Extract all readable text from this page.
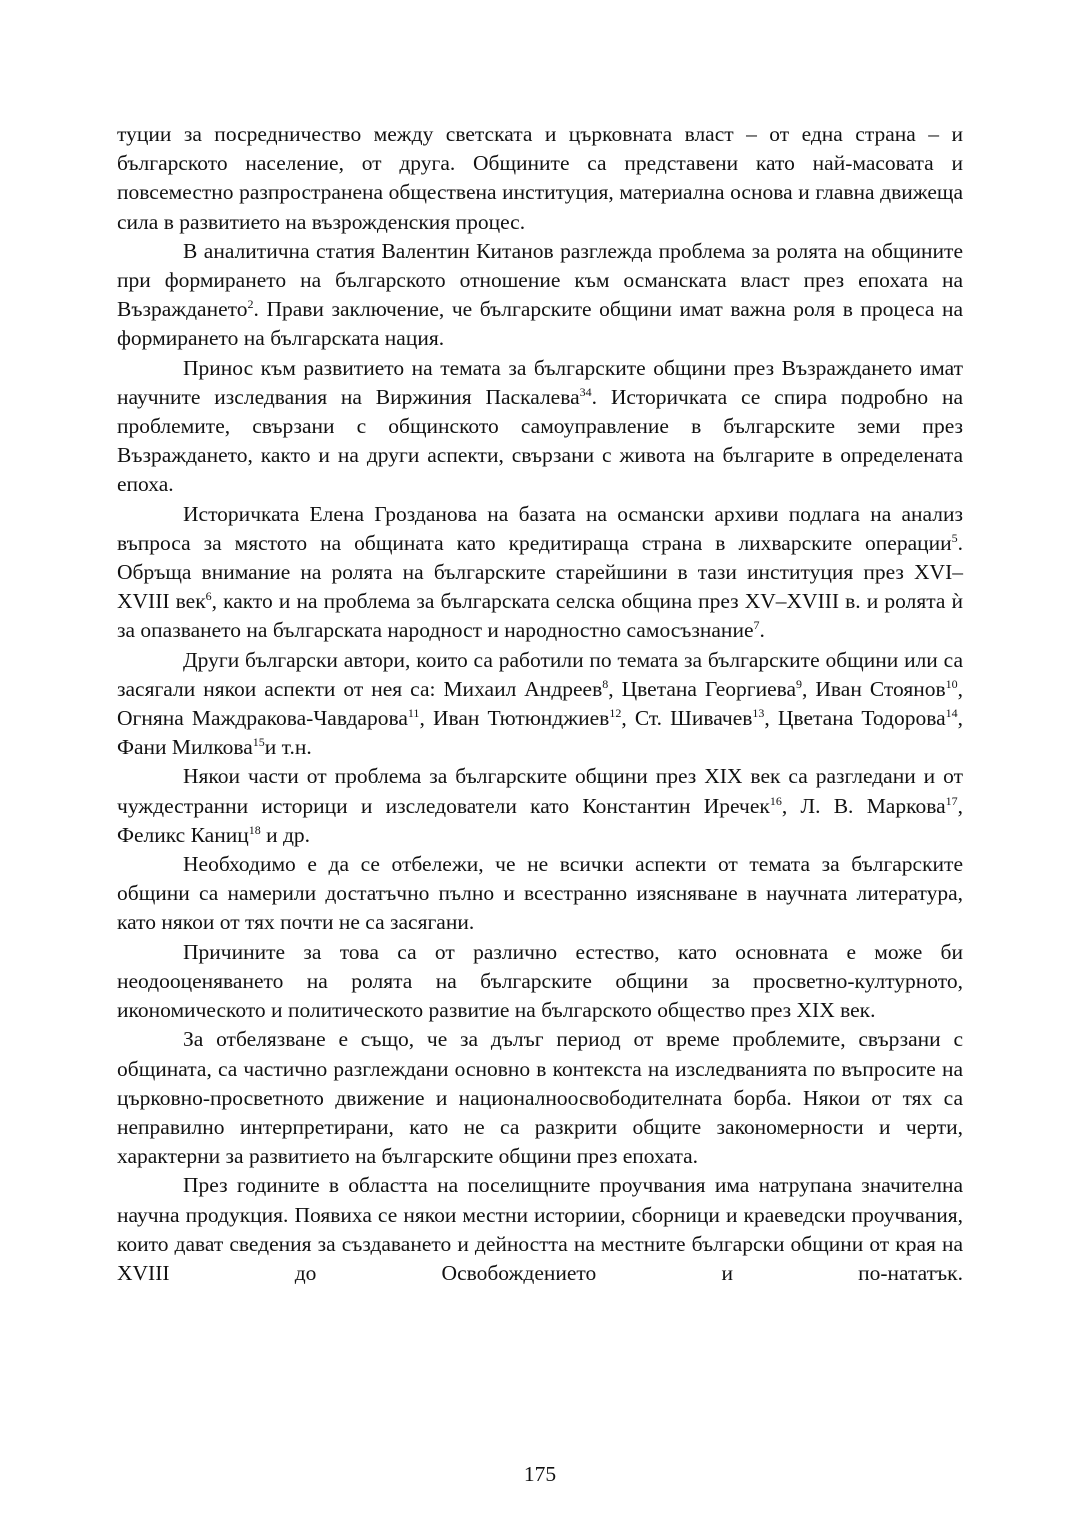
туции за посредничество между светската и църковната власт – от една страна – и българското население, от друга. Общините са представени като най-масовата и повсеместно разпространена обществена институция, материална основа и главна движеща сила в развитието на възрожденския процес.

В аналитична статия Валентин Китанов разглежда проблема за ролята на общините при формирането на българското отношение към османската власт през епохата на Възраждането$^2$. Прави заключение, че българските общини имат важна роля в процеса на формирането на българската нация.

Принос към развитието на темата за българските общини през Възраждането имат научните изследвания на Виржиния Паскалева$^{34}$. Историчката се спира подробно на проблемите, свързани с общинското самоуправление в българските земи през Възраждането, както и на други аспекти, свързани с живота на българите в определената епоха.

Историчката Елена Грозданова на базата на османски архиви подлага на анализ въпроса за мястото на общината като кредитираща страна в лихварските операции$^5$. Обръща внимание на ролята на българските старейшини в тази институция през XVI–XVIII век$^6$, както и на проблема за българската селска община през XV–XVIII в. и ролята ѝ за опазването на българската народност и народностно самосъзнание$^7$.

Други български автори, които са работили по темата за българските общини или са засягали някои аспекти от нея са: Михаил Андреев$^8$, Цветана Георгиева$^9$, Иван Стоянов$^{10}$, Огняна Маждракова-Чавдарова$^{11}$, Иван Тютюнджиев$^{12}$, Ст. Шивачев$^{13}$, Цветана Тодорова$^{14}$, Фани Милкова$^{15}$и т.н.

Някои части от проблема за българските общини през XIX век са разгледани и от чуждестранни историци и изследователи като Константин Иречек$^{16}$, Л. В. Маркова$^{17}$, Феликс Каниц$^{18}$ и др.

Необходимо е да се отбележи, че не всички аспекти от темата за българските общини са намерили достатъчно пълно и всестранно изясняване в научната литература, като някои от тях почти не са засягани.

Причините за това са от различно естество, като основната е може би неодооценяването на ролята на българските общини за просветно-културното, икономическото и политическото развитие на българското общество през XIX век.

За отбелязване е също, че за дълъг период от време проблемите, свързани с общината, са частично разглеждани основно в контекста на изследванията по въпросите на църковно-просветното движение и националноосвободителната борба. Някои от тях са неправилно интерпретирани, като не са разкрити общите закономерности и черти, характерни за развитието на българските общини през епохата.

През годините в областта на поселищните проучвания има натрупана значителна научна продукция. Появиха се някои местни историии, сборници и краеведски проучвания, които дават сведения за създаването и дейността на местните български общини от края на XVIII до Освобождението и по-нататък.

175
